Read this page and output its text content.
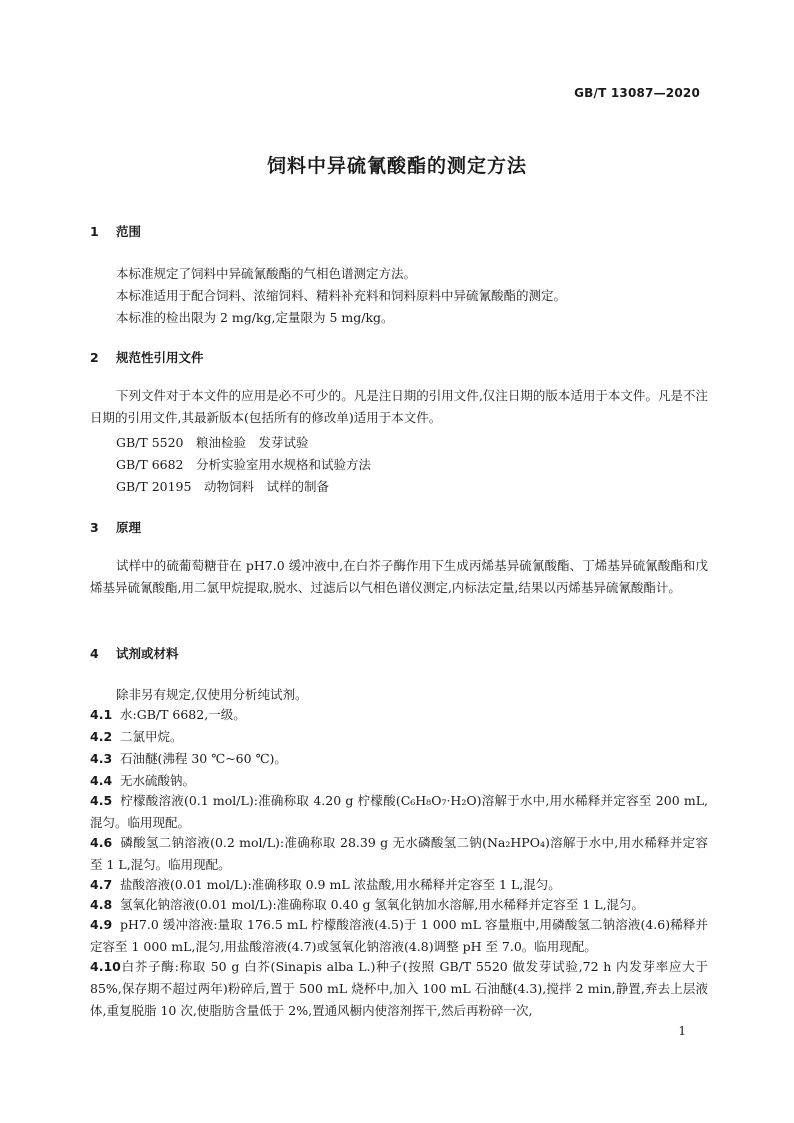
GB/T 13087—2020
饲料中异硫氰酸酯的测定方法
1 范围
本标准规定了饲料中异硫氰酸酯的气相色谱测定方法。
本标准适用于配合饲料、浓缩饲料、精料补充料和饲料原料中异硫氰酸酯的测定。
本标准的检出限为 2 mg/kg,定量限为 5 mg/kg。
2 规范性引用文件
下列文件对于本文件的应用是必不可少的。凡是注日期的引用文件,仅注日期的版本适用于本文件。凡是不注日期的引用文件,其最新版本(包括所有的修改单)适用于本文件。
GB/T 5520　粮油检验　发芽试验
GB/T 6682　分析实验室用水规格和试验方法
GB/T 20195　动物饲料　试样的制备
3 原理
试样中的硫葡萄糖苷在 pH7.0 缓冲液中,在白芥子酶作用下生成丙烯基异硫氰酸酯、丁烯基异硫氰酸酯和戊烯基异硫氰酸酯,用二氯甲烷提取,脱水、过滤后以气相色谱仪测定,内标法定量,结果以丙烯基异硫氰酸酯计。
4 试剂或材料
除非另有规定,仅使用分析纯试剂。
4.1 水:GB/T 6682,一级。
4.2 二氯甲烷。
4.3 石油醚(沸程 30 ℃~60 ℃)。
4.4 无水硫酸钠。
4.5 柠檬酸溶液(0.1 mol/L):准确称取 4.20 g 柠檬酸(C₆H₈O₇·H₂O)溶解于水中,用水稀释并定容至 200 mL,混匀。临用现配。
4.6 磷酸氢二钠溶液(0.2 mol/L):准确称取 28.39 g 无水磷酸氢二钠(Na₂HPO₄)溶解于水中,用水稀释并定容至 1 L,混匀。临用现配。
4.7 盐酸溶液(0.01 mol/L):准确移取 0.9 mL 浓盐酸,用水稀释并定容至 1 L,混匀。
4.8 氢氧化钠溶液(0.01 mol/L):准确称取 0.40 g 氢氧化钠加水溶解,用水稀释并定容至 1 L,混匀。
4.9 pH7.0 缓冲溶液:量取 176.5 mL 柠檬酸溶液(4.5)于 1 000 mL 容量瓶中,用磷酸氢二钠溶液(4.6)稀释并定容至 1 000 mL,混匀,用盐酸溶液(4.7)或氢氧化钠溶液(4.8)调整 pH 至 7.0。临用现配。
4.10白芥子酶:称取 50 g 白芥(Sinapis alba L.)种子(按照 GB/T 5520 做发芽试验,72 h 内发芽率应大于 85%,保存期不超过两年)粉碎后,置于 500 mL 烧杯中,加入 100 mL 石油醚(4.3),搅拌 2 min,静置,弃去上层液体,重复脱脂 10 次,使脂肪含量低于 2%,置通风橱内使溶剂挥干,然后再粉碎一次,
1
